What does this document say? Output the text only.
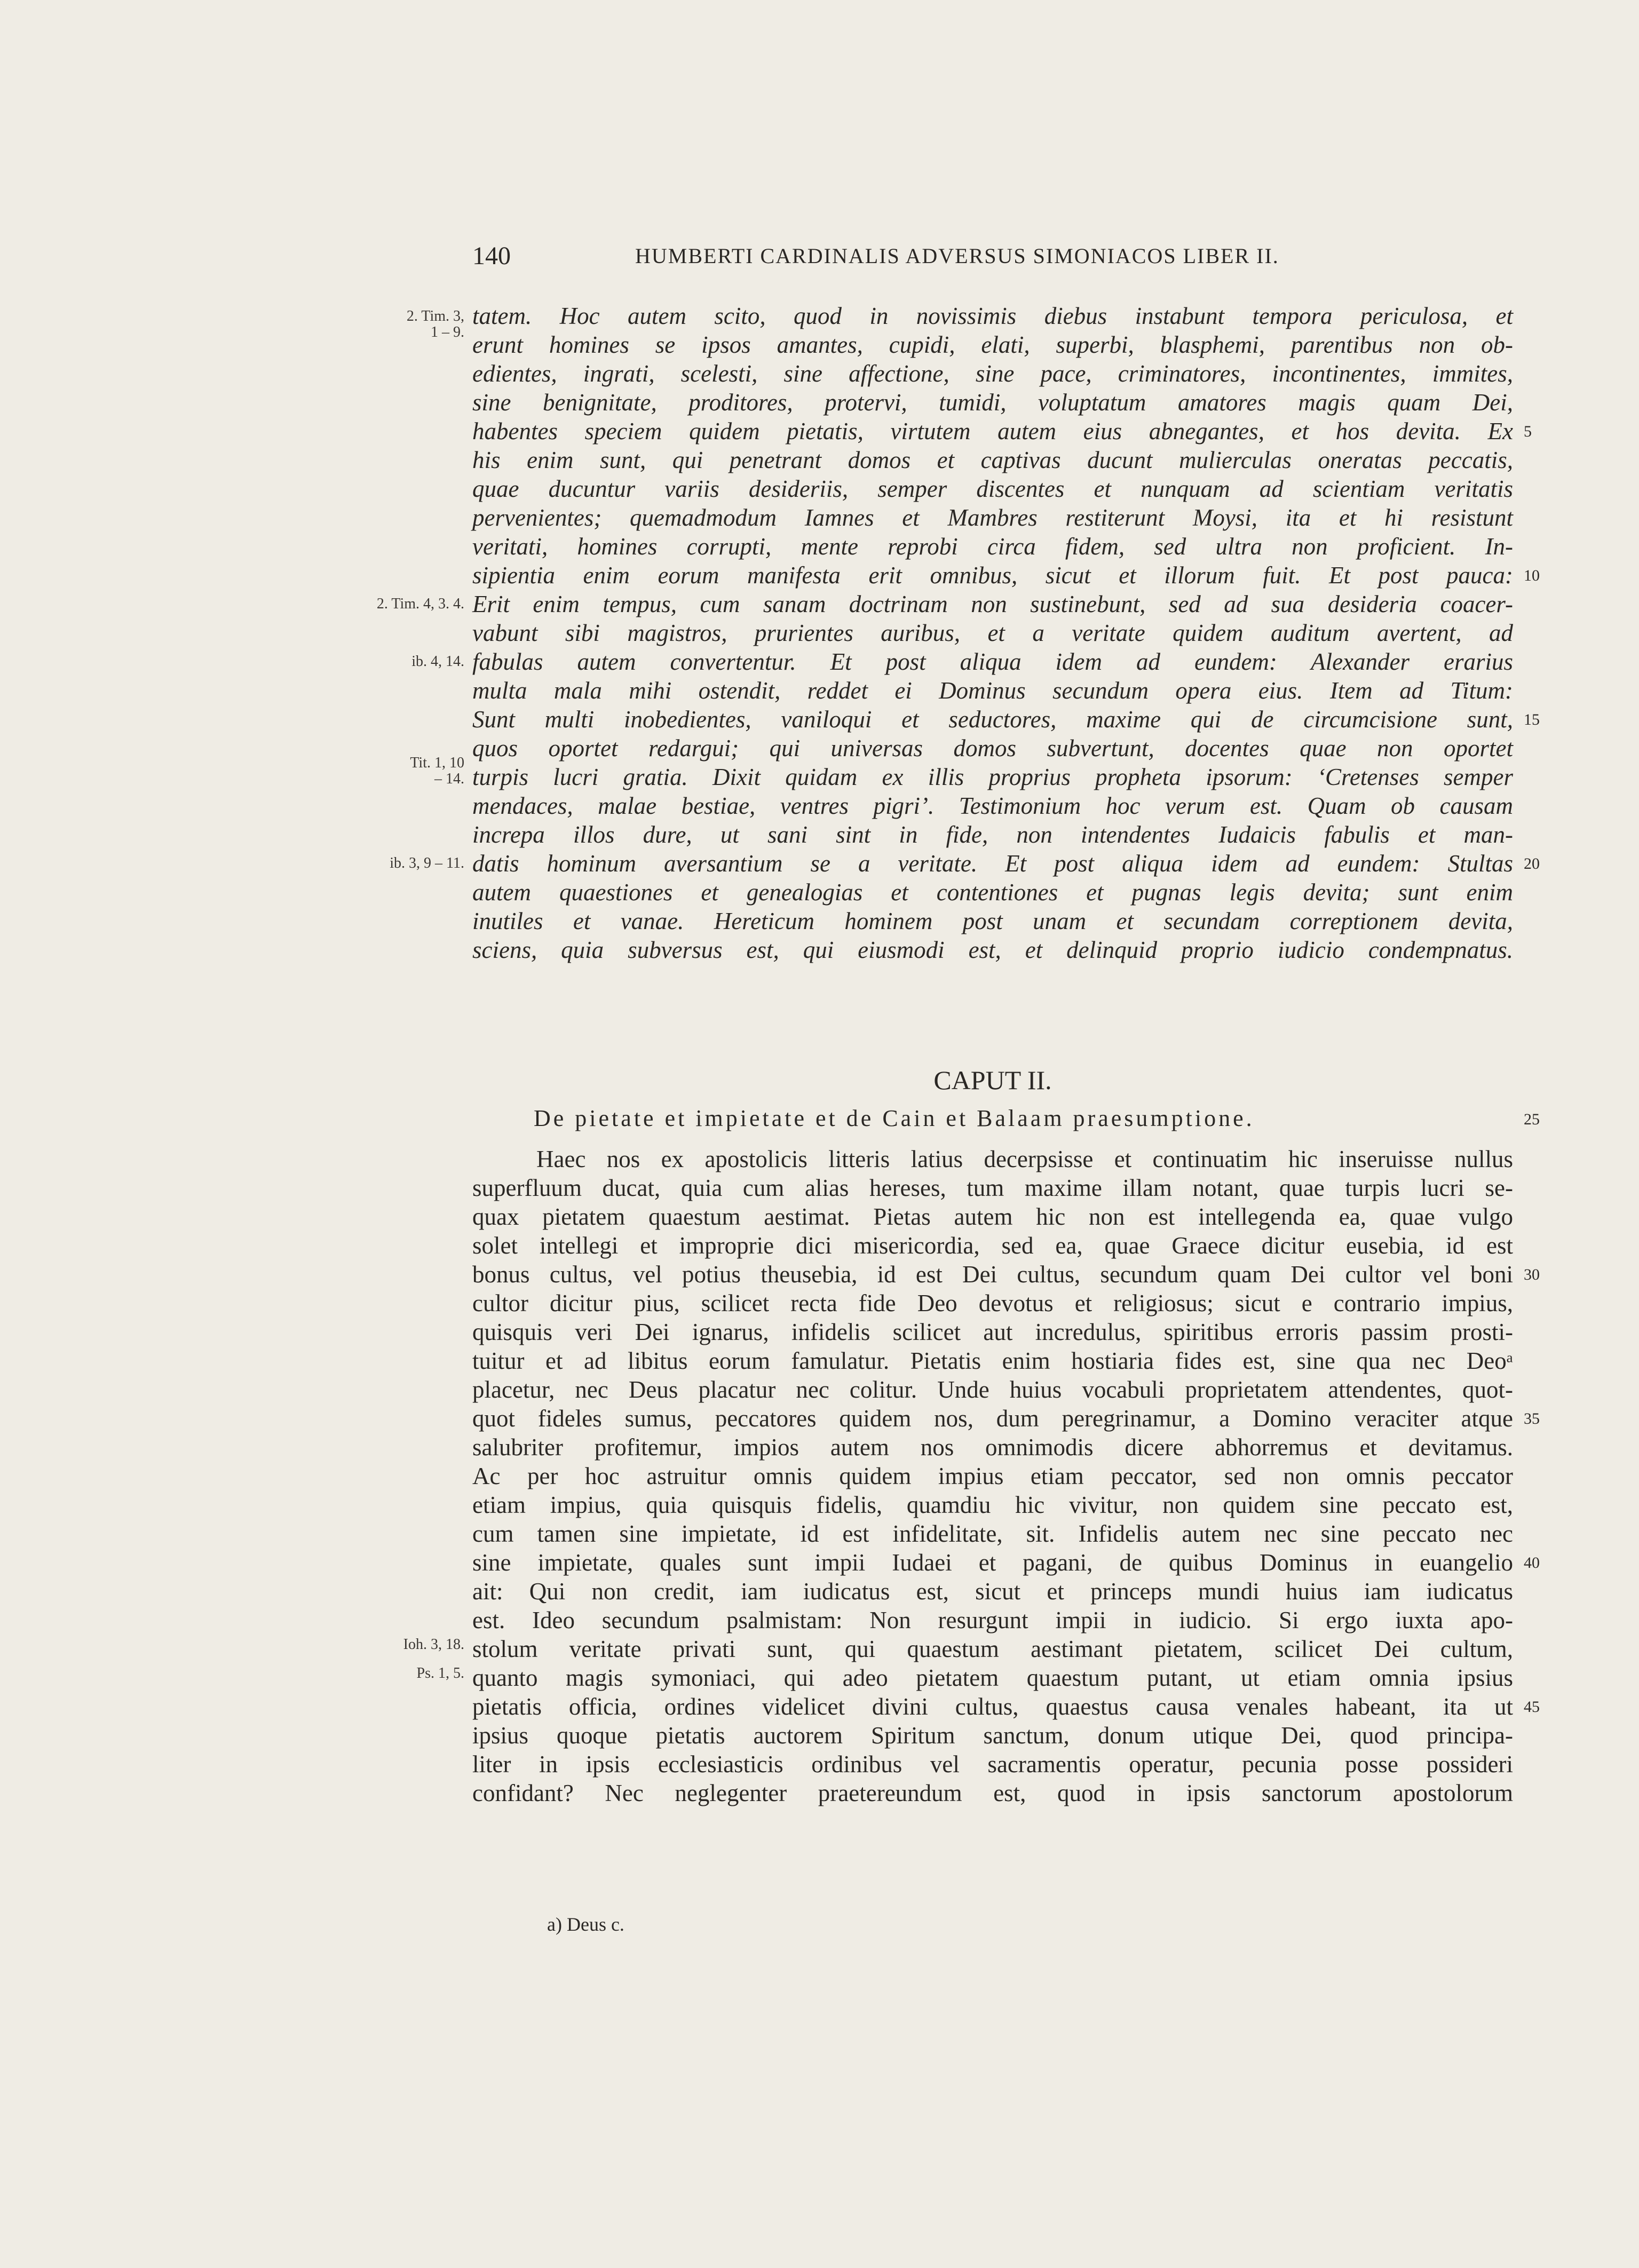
140	HUMBERTI CARDINALIS ADVERSUS SIMONIACOS LIBER II.
tatem. Hoc autem scito, quod in novissimis diebus instabunt tempora periculosa, et
erunt homines se ipsos amantes, cupidi, elati, superbi, blasphemi, parentibus non ob-
edientes, ingrati, scelesti, sine affectione, sine pace, criminatores, incontinentes, immites,
sine benignitate, proditores, protervi, tumidi, voluptatum amatores magis quam Dei,
habentes speciem quidem pietatis, virtutem autem eius abnegantes, et hos devita. Ex
his enim sunt, qui penetrant domos et captivas ducunt mulierculas oneratas peccatis,
quae ducuntur variis desideriis, semper discentes et nunquam ad scientiam veritatis
pervenientes; quemadmodum Iamnes et Mambres restiterunt Moysi, ita et hi resistunt
veritati, homines corrupti, mente reprobi circa fidem, sed ultra non proficient. In-
sipientia enim eorum manifesta erit omnibus, sicut et illorum fuit. Et post pauca:
Erit enim tempus, cum sanam doctrinam non sustinebunt, sed ad sua desideria coacer-
vabunt sibi magistros, prurientes auribus, et a veritate quidem auditum avertent, ad
fabulas autem convertentur. Et post aliqua idem ad eundem: Alexander erarius
multa mala mihi ostendit, reddet ei Dominus secundum opera eius. Item ad Titum:
Sunt multi inobedientes, vaniloqui et seductores, maxime qui de circumcisione sunt,
quos oportet redargui; qui universas domos subvertunt, docentes quae non oportet
turpis lucri gratia. Dixit quidam ex illis proprius propheta ipsorum: ‘Cretenses semper
mendaces, malae bestiae, ventres pigri’. Testimonium hoc verum est. Quam ob causam
increpa illos dure, ut sani sint in fide, non intendentes Iudaicis fabulis et man-
datis hominum aversantium se a veritate. Et post aliqua idem ad eundem: Stultas
autem quaestiones et genealogias et contentiones et pugnas legis devita; sunt enim
inutiles et vanae. Hereticum hominem post unam et secundam correptionem devita,
sciens, quia subversus est, qui eiusmodi est, et delinquid proprio iudicio condempnatus.
CAPUT II.
De pietate et impietate et de Cain et Balaam praesumptione.
Haec nos ex apostolicis litteris latius decerpsisse et continuatim hic inseruisse nullus
superfluum ducat, quia cum alias hereses, tum maxime illam notant, quae turpis lucri se-
quax pietatem quaestum aestimat. Pietas autem hic non est intellegenda ea, quae vulgo
solet intellegi et improprie dici misericordia, sed ea, quae Graece dicitur eusebia, id est
bonus cultus, vel potius theusebia, id est Dei cultus, secundum quam Dei cultor vel boni
cultor dicitur pius, scilicet recta fide Deo devotus et religiosus; sicut e contrario impius,
quisquis veri Dei ignarus, infidelis scilicet aut incredulus, spiritibus erroris passim prosti-
tuitur et ad libitus eorum famulatur. Pietatis enim hostiaria fides est, sine qua nec Deoᵃ
placetur, nec Deus placatur nec colitur. Unde huius vocabuli proprietatem attendentes, quot-
quot fideles sumus, peccatores quidem nos, dum peregrinamur, a Domino veraciter atque
salubriter profitemur, impios autem nos omnimodis dicere abhorremus et devitamus.
Ac per hoc astruitur omnis quidem impius etiam peccator, sed non omnis peccator
etiam impius, quia quisquis fidelis, quamdiu hic vivitur, non quidem sine peccato est,
cum tamen sine impietate, id est infidelitate, sit. Infidelis autem nec sine peccato nec
sine impietate, quales sunt impii Iudaei et pagani, de quibus Dominus in euangelio
ait: Qui non credit, iam iudicatus est, sicut et princeps mundi huius iam iudicatus
est. Ideo secundum psalmistam: Non resurgunt impii in iudicio. Si ergo iuxta apo-
stolum veritate privati sunt, qui quaestum aestimant pietatem, scilicet Dei cultum,
quanto magis symoniaci, qui adeo pietatem quaestum putant, ut etiam omnia ipsius
pietatis officia, ordines videlicet divini cultus, quaestus causa venales habeant, ita ut
ipsius quoque pietatis auctorem Spiritum sanctum, donum utique Dei, quod principa-
liter in ipsis ecclesiasticis ordinibus vel sacramentis operatur, pecunia posse possideri
confidant? Nec neglegenter praetereundum est, quod in ipsis sanctorum apostolorum
2. Tim. 3,
1 – 9.
2. Tim. 4, 3. 4.
ib. 4, 14.
Tit. 1, 10
– 14.
ib. 3, 9 – 11.
Ioh. 3, 18.
Ps. 1, 5.
5
10
15
20
25
30
35
40
45
a) Deus c.
